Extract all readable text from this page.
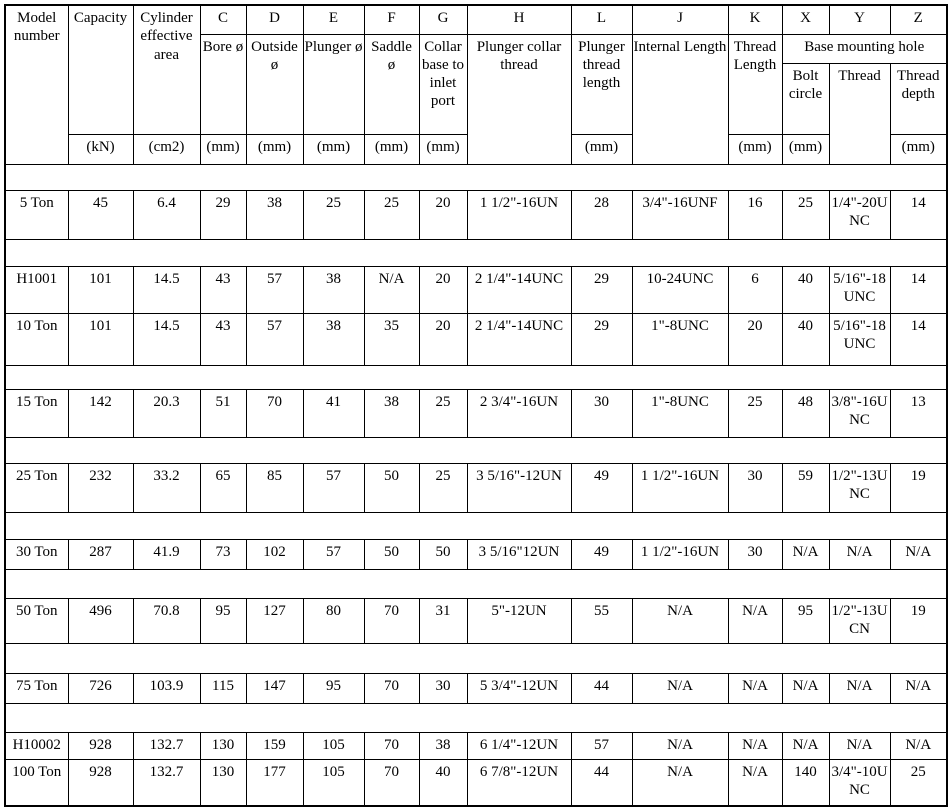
Model number	Capacity	Cylinder effective area	C	D	E	F	G	H	L	J	K	X	Y	Z
			Bore ø	Outside ø	Plunger ø	Saddle ø	Collar base to inlet port	Plunger collar thread	Plunger thread length	Internal Length	Thread Length	Base mounting hole		
												Bolt circle	Thread	Thread depth
	(kN)	(cm2)	(mm)	(mm)	(mm)	(mm)	(mm)		(mm)		(mm)	(mm)		(mm)

5 Ton	45	6.4	29	38	25	25	20	1 1/2"-16UN	28	3/4"-16UNF	16	25	1/4"-20UNC	14

H1001	101	14.5	43	57	38	N/A	20	2 1/4"-14UNC	29	10-24UNC	6	40	5/16"-18UNC	14
10 Ton	101	14.5	43	57	38	35	20	2 1/4"-14UNC	29	1"-8UNC	20	40	5/16"-18UNC	14

15 Ton	142	20.3	51	70	41	38	25	2 3/4"-16UN	30	1"-8UNC	25	48	3/8"-16UNC	13

25 Ton	232	33.2	65	85	57	50	25	3 5/16"-12UN	49	1 1/2"-16UN	30	59	1/2"-13UNC	19

30 Ton	287	41.9	73	102	57	50	50	3 5/16"12UN	49	1 1/2"-16UN	30	N/A	N/A	N/A

50 Ton	496	70.8	95	127	80	70	31	5"-12UN	55	N/A	N/A	95	1/2"-13UCN	19

75 Ton	726	103.9	115	147	95	70	30	5 3/4"-12UN	44	N/A	N/A	N/A	N/A	N/A

H10002	928	132.7	130	159	105	70	38	6 1/4"-12UN	57	N/A	N/A	N/A	N/A	N/A
100 Ton	928	132.7	130	177	105	70	40	6 7/8"-12UN	44	N/A	N/A	140	3/4"-10UNC	25
